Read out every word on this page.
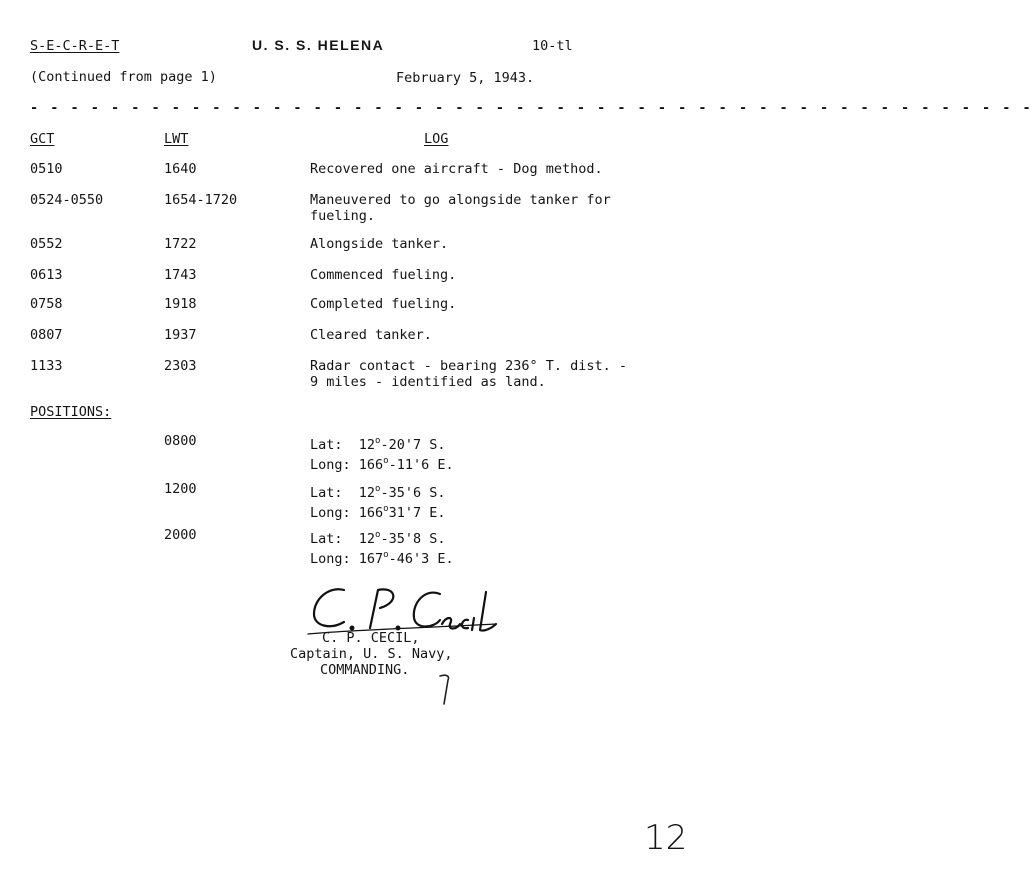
S-E-C-R-E-T	U. S. S. HELENA	10-tl
(Continued from page 1)	February 5, 1943.
- - - - - - - - - - - - - - - - - - - - - - - - - - - - - - - - - - - - - - - - - - - - - - - - - -
GCT	LWT	LOG
0510	1640	Recovered one aircraft - Dog method.
0524-0550	1654-1720	Maneuvered to go alongside tanker for
fueling.
0552	1722	Alongside tanker.
0613	1743	Commenced fueling.
0758	1918	Completed fueling.
0807	1937	Cleared tanker.
1133	2303	Radar contact - bearing 236° T. dist. -
9 miles - identified as land.
POSITIONS:
0800	Lat: 12$^o$-20'7 S.
Long: 166$^o$-11'6 E.
1200	Lat: 12$^o$-35'6 S.
Long: 166$^o$31'7 E.
2000	Lat: 12$^o$-35'8 S.
Long: 167$^o$-46'3 E.
C. P. CECIL,
Captain, U. S. Navy,
COMMANDING.
12
